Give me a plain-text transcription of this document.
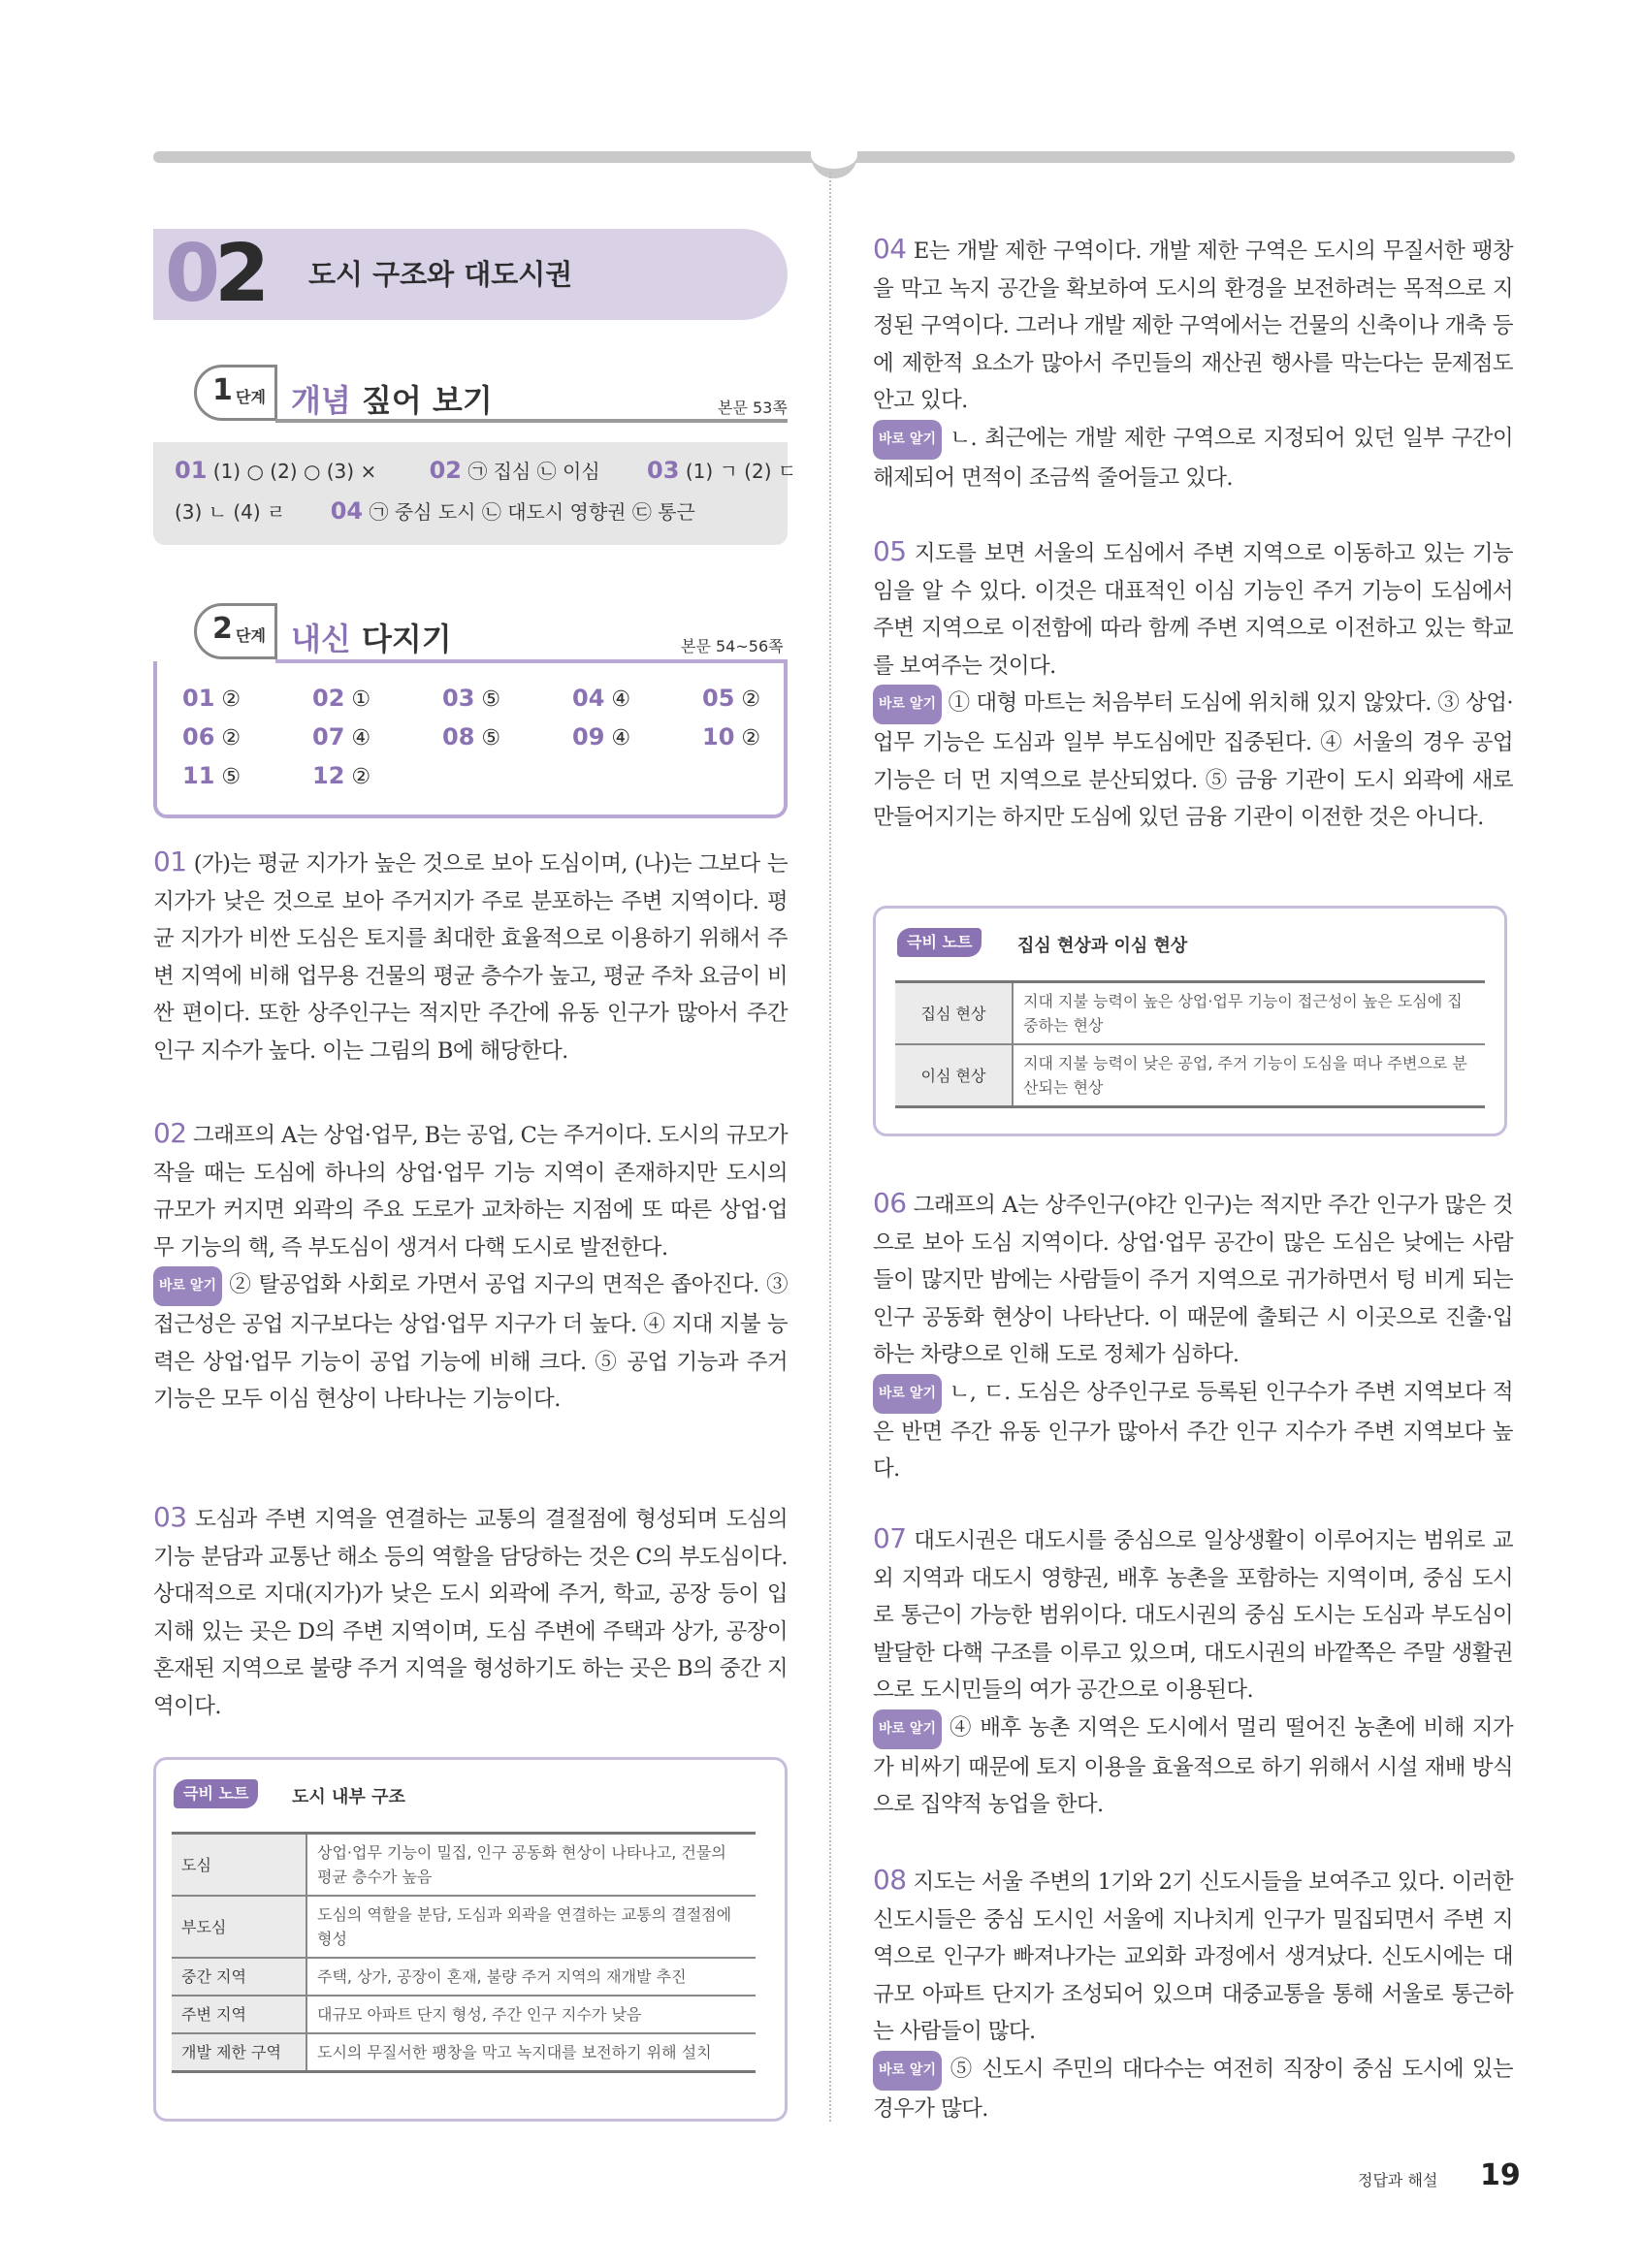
02 도시 구조와 대도시권
1 단계 개념 짚어 보기	본문 53쪽
01 (1) ○ (2) ○ (3) × 02 ㉠ 집심 ㉡ 이심 03 (1) ㄱ (2) ㄷ
(3) ㄴ (4) ㄹ 04 ㉠ 중심 도시 ㉡ 대도시 영향권 ㉢ 통근
2 단계 내신 다지기	본문 54~56쪽
01 ②	02 ①	03 ⑤	04 ④	05 ②
06 ②	07 ④	08 ⑤	09 ④	10 ②
11 ⑤	12 ②
01 (가)는 평균 지가가 높은 것으로 보아 도심이며, (나)는 그보다 는 지가가 낮은 것으로 보아 주거지가 주로 분포하는 주변 지역이다. 평균 지가가 비싼 도심은 토지를 최대한 효율적으로 이용하기 위해서 주변 지역에 비해 업무용 건물의 평균 층수가 높고, 평균 주차 요금이 비싼 편이다. 또한 상주인구는 적지만 주간에 유동 인구가 많아서 주간 인구 지수가 높다. 이는 그림의 B에 해당한다.
02 그래프의 A는 상업·업무, B는 공업, C는 주거이다. 도시의 규모가 작을 때는 도심에 하나의 상업·업무 기능 지역이 존재하지만 도시의 규모가 커지면 외곽의 주요 도로가 교차하는 지점에 또 따른 상업·업무 기능의 핵, 즉 부도심이 생겨서 다핵 도시로 발전한다.
바로 알기 ② 탈공업화 사회로 가면서 공업 지구의 면적은 좁아진다. ③ 접근성은 공업 지구보다는 상업·업무 지구가 더 높다. ④ 지대 지불 능력은 상업·업무 기능이 공업 기능에 비해 크다. ⑤ 공업 기능과 주거 기능은 모두 이심 현상이 나타나는 기능이다.
03 도심과 주변 지역을 연결하는 교통의 결절점에 형성되며 도심의 기능 분담과 교통난 해소 등의 역할을 담당하는 것은 C의 부도심이다. 상대적으로 지대(지가)가 낮은 도시 외곽에 주거, 학교, 공장 등이 입지해 있는 곳은 D의 주변 지역이며, 도심 주변에 주택과 상가, 공장이 혼재된 지역으로 불량 주거 지역을 형성하기도 하는 곳은 B의 중간 지역이다.
극비 노트	도시 내부 구조
도심	상업·업무 기능이 밀집, 인구 공동화 현상이 나타나고, 건물의 평균 층수가 높음
부도심	도심의 역할을 분담, 도심과 외곽을 연결하는 교통의 결절점에 형성
중간 지역	주택, 상가, 공장이 혼재, 불량 주거 지역의 재개발 추진
주변 지역	대규모 아파트 단지 형성, 주간 인구 지수가 낮음
개발 제한 구역	도시의 무질서한 팽창을 막고 녹지대를 보전하기 위해 설치
04 E는 개발 제한 구역이다. 개발 제한 구역은 도시의 무질서한 팽창을 막고 녹지 공간을 확보하여 도시의 환경을 보전하려는 목적으로 지정된 구역이다. 그러나 개발 제한 구역에서는 건물의 신축이나 개축 등에 제한적 요소가 많아서 주민들의 재산권 행사를 막는다는 문제점도 안고 있다.
바로 알기 ㄴ. 최근에는 개발 제한 구역으로 지정되어 있던 일부 구간이 해제되어 면적이 조금씩 줄어들고 있다.
05 지도를 보면 서울의 도심에서 주변 지역으로 이동하고 있는 기능임을 알 수 있다. 이것은 대표적인 이심 기능인 주거 기능이 도심에서 주변 지역으로 이전함에 따라 함께 주변 지역으로 이전하고 있는 학교를 보여주는 것이다.
바로 알기 ① 대형 마트는 처음부터 도심에 위치해 있지 않았다. ③ 상업·업무 기능은 도심과 일부 부도심에만 집중된다. ④ 서울의 경우 공업 기능은 더 먼 지역으로 분산되었다. ⑤ 금융 기관이 도시 외곽에 새로 만들어지기는 하지만 도심에 있던 금융 기관이 이전한 것은 아니다.
극비 노트	집심 현상과 이심 현상
집심 현상	지대 지불 능력이 높은 상업·업무 기능이 접근성이 높은 도심에 집중하는 현상
이심 현상	지대 지불 능력이 낮은 공업, 주거 기능이 도심을 떠나 주변으로 분산되는 현상
06 그래프의 A는 상주인구(야간 인구)는 적지만 주간 인구가 많은 것으로 보아 도심 지역이다. 상업·업무 공간이 많은 도심은 낮에는 사람들이 많지만 밤에는 사람들이 주거 지역으로 귀가하면서 텅 비게 되는 인구 공동화 현상이 나타난다. 이 때문에 출퇴근 시 이곳으로 진출·입하는 차량으로 인해 도로 정체가 심하다.
바로 알기 ㄴ, ㄷ. 도심은 상주인구로 등록된 인구수가 주변 지역보다 적은 반면 주간 유동 인구가 많아서 주간 인구 지수가 주변 지역보다 높다.
07 대도시권은 대도시를 중심으로 일상생활이 이루어지는 범위로 교외 지역과 대도시 영향권, 배후 농촌을 포함하는 지역이며, 중심 도시로 통근이 가능한 범위이다. 대도시권의 중심 도시는 도심과 부도심이 발달한 다핵 구조를 이루고 있으며, 대도시권의 바깥쪽은 주말 생활권으로 도시민들의 여가 공간으로 이용된다.
바로 알기 ④ 배후 농촌 지역은 도시에서 멀리 떨어진 농촌에 비해 지가가 비싸기 때문에 토지 이용을 효율적으로 하기 위해서 시설 재배 방식으로 집약적 농업을 한다.
08 지도는 서울 주변의 1기와 2기 신도시들을 보여주고 있다. 이러한 신도시들은 중심 도시인 서울에 지나치게 인구가 밀집되면서 주변 지역으로 인구가 빠져나가는 교외화 과정에서 생겨났다. 신도시에는 대규모 아파트 단지가 조성되어 있으며 대중교통을 통해 서울로 통근하는 사람들이 많다.
바로 알기 ⑤ 신도시 주민의 대다수는 여전히 직장이 중심 도시에 있는 경우가 많다.
정답과 해설 19
